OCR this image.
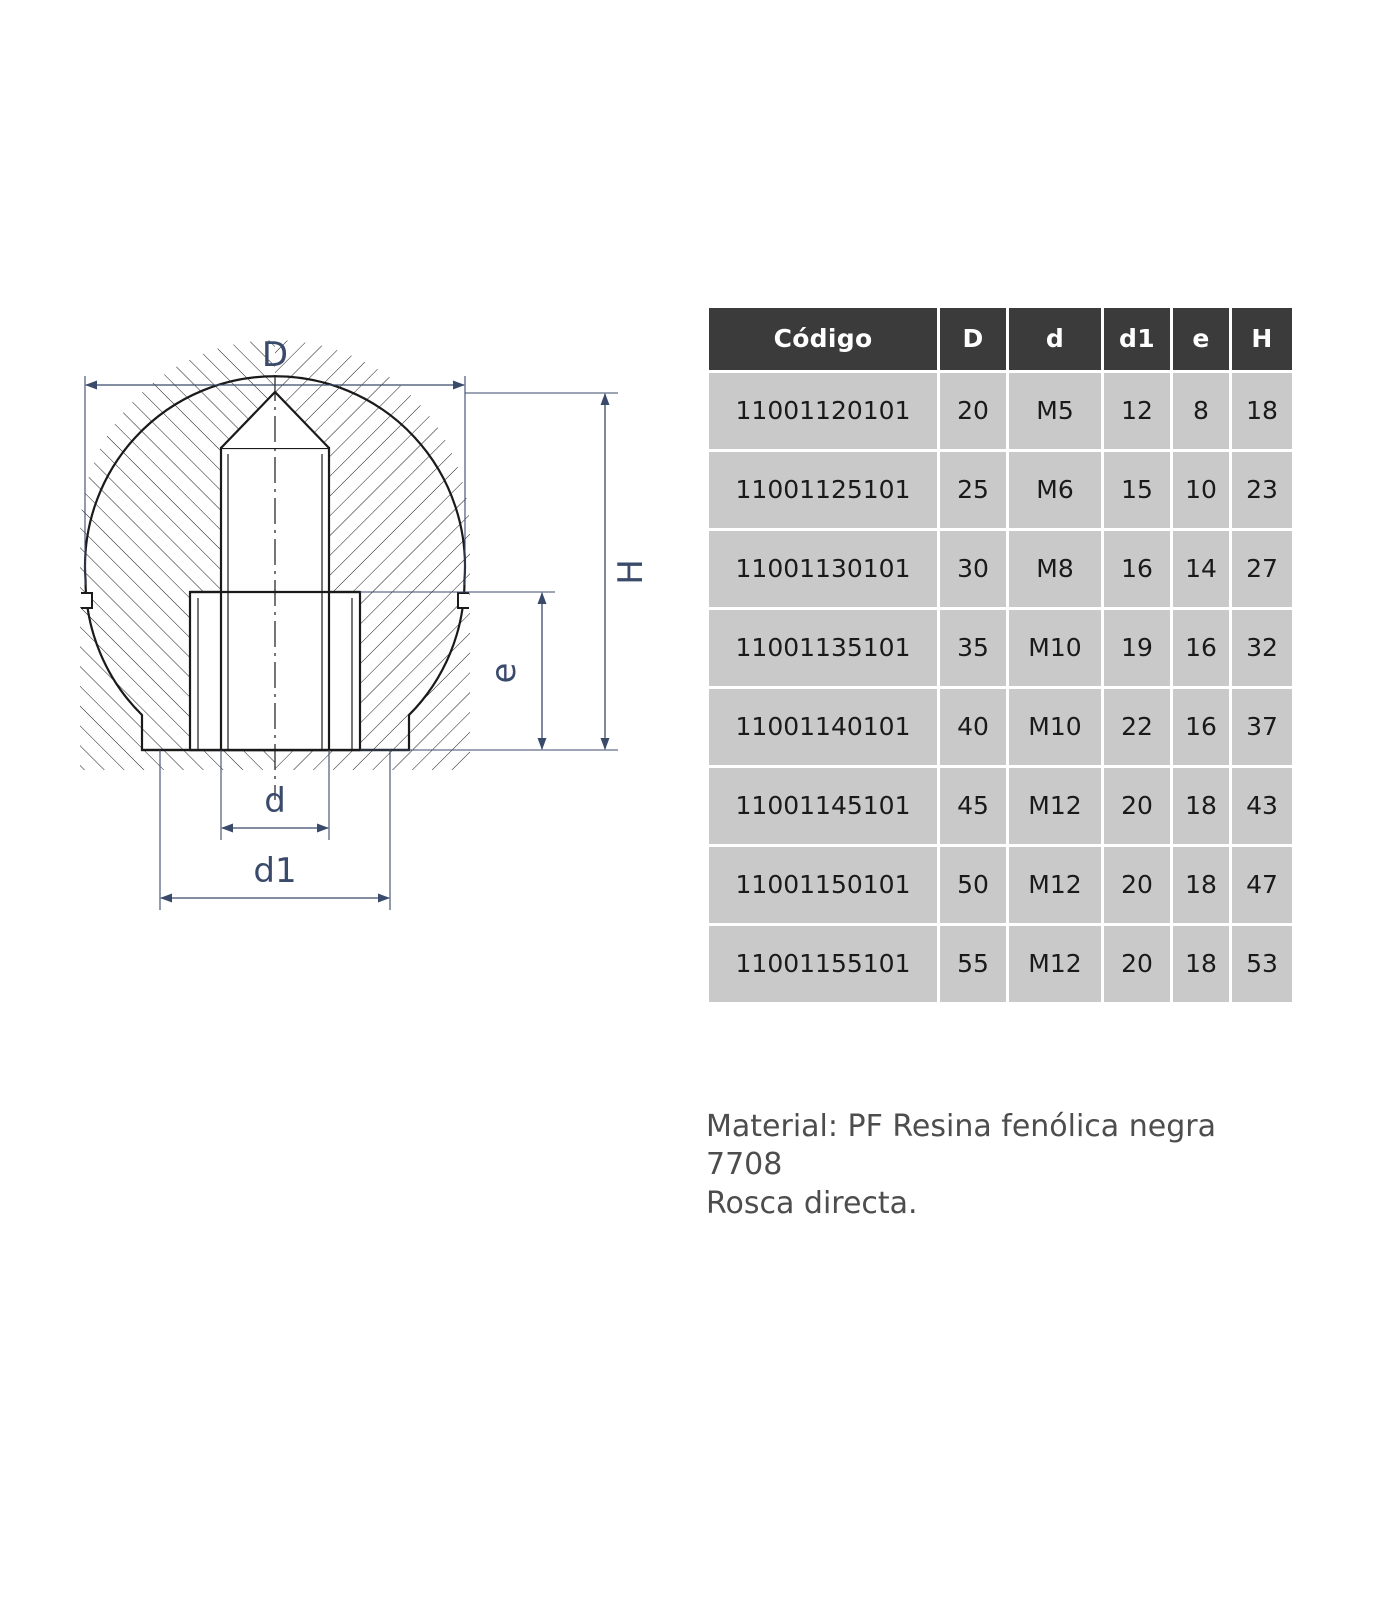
D
H
e
d
d1
Código	D	d	d1	e	H
11001120101	20	M5	12	8	18
11001125101	25	M6	15	10	23
11001130101	30	M8	16	14	27
11001135101	35	M10	19	16	32
11001140101	40	M10	22	16	37
11001145101	45	M12	20	18	43
11001150101	50	M12	20	18	47
11001155101	55	M12	20	18	53
Material: PF Resina fenólica negra
7708
Rosca directa.
